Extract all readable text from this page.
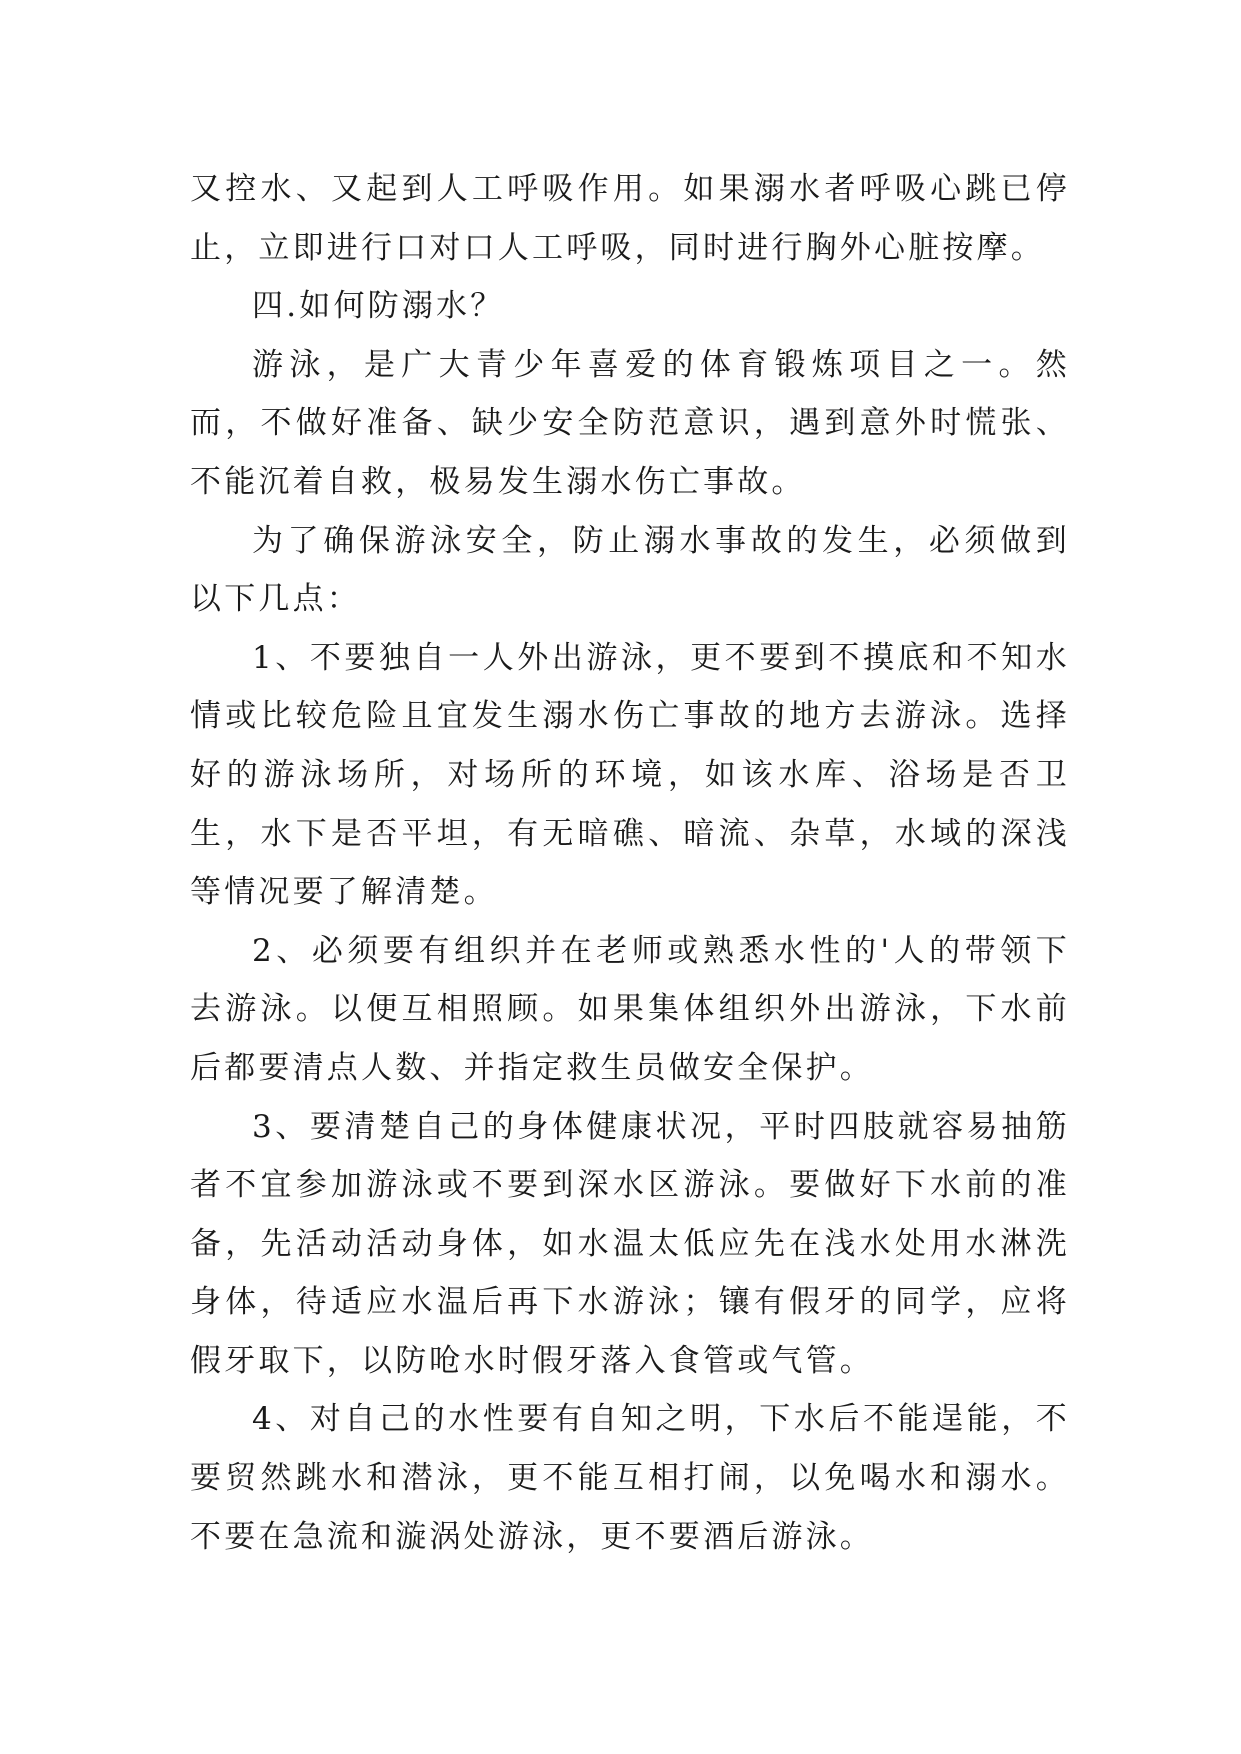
又控水、又起到人工呼吸作用。如果溺水者呼吸心跳已停止，立即进行口对口人工呼吸，同时进行胸外心脏按摩。

四.如何防溺水？

游泳，是广大青少年喜爱的体育锻炼项目之一。然而，不做好准备、缺少安全防范意识，遇到意外时慌张、不能沉着自救，极易发生溺水伤亡事故。

为了确保游泳安全，防止溺水事故的发生，必须做到以下几点：

1、不要独自一人外出游泳，更不要到不摸底和不知水情或比较危险且宜发生溺水伤亡事故的地方去游泳。选择好的游泳场所，对场所的环境，如该水库、浴场是否卫生，水下是否平坦，有无暗礁、暗流、杂草，水域的深浅等情况要了解清楚。

2、必须要有组织并在老师或熟悉水性的'人的带领下去游泳。以便互相照顾。如果集体组织外出游泳，下水前后都要清点人数、并指定救生员做安全保护。

3、要清楚自己的身体健康状况，平时四肢就容易抽筋者不宜参加游泳或不要到深水区游泳。要做好下水前的准备，先活动活动身体，如水温太低应先在浅水处用水淋洗身体，待适应水温后再下水游泳；镶有假牙的同学，应将假牙取下，以防呛水时假牙落入食管或气管。

4、对自己的水性要有自知之明，下水后不能逞能，不要贸然跳水和潜泳，更不能互相打闹，以免喝水和溺水。不要在急流和漩涡处游泳，更不要酒后游泳。
